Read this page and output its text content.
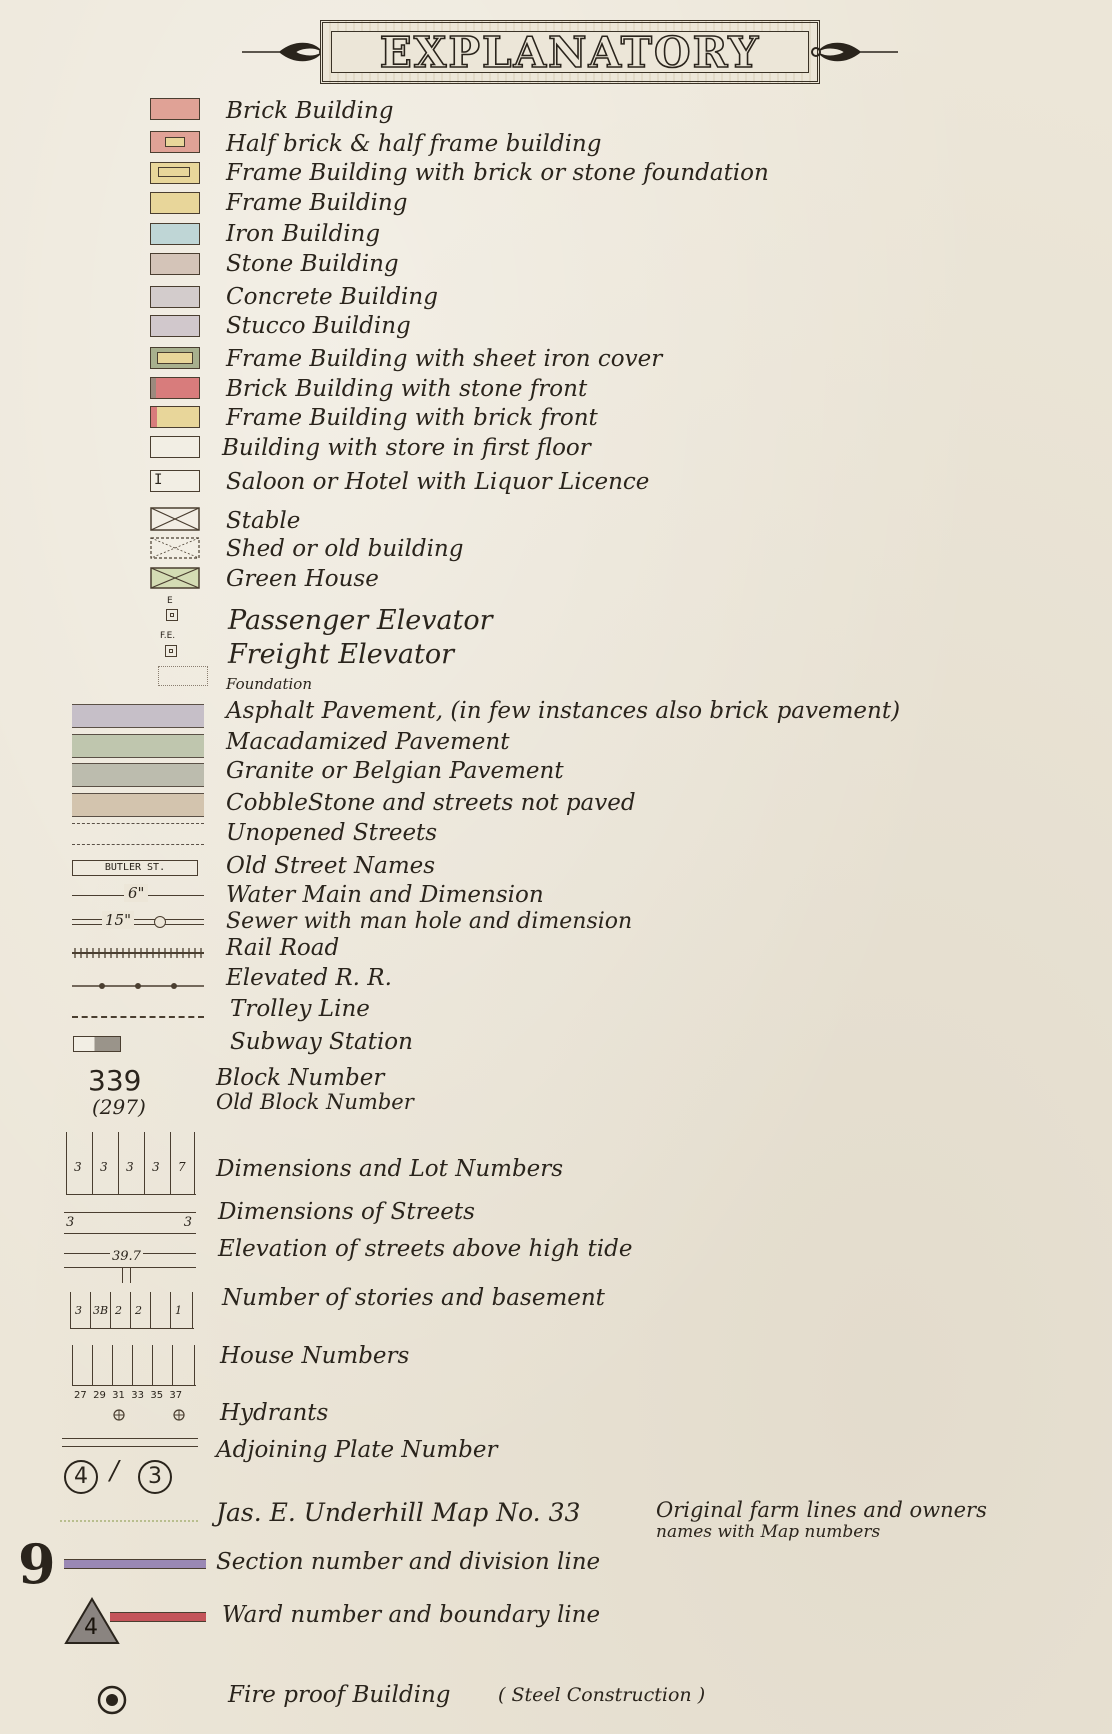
EXPLANATORY
Brick Building
Half brick & half frame building
Frame Building with brick or stone foundation
Frame Building
Iron Building
Stone Building
Concrete Building
Stucco Building
Frame Building with sheet iron cover
Brick Building with stone front
Frame Building with brick front
Building with store in first floor
I	Saloon or Hotel with Liquor Licence
Stable
Shed or old building
Green House
E
Passenger Elevator
F.E.
Freight Elevator
Foundation
Asphalt Pavement, (in few instances also brick pavement)
Macadamized Pavement
Granite or Belgian Pavement
CobbleStone and streets not paved
Unopened Streets
BUTLER ST.	Old Street Names
6"	Water Main and Dimension
15"	Sewer with man hole and dimension
Rail Road
Elevated R. R.
Trolley Line
Subway Station
339	Block Number
(297)	Old Block Number
3 3 3 3 7 Dimensions and Lot Numbers
3	3 Dimensions of Streets
39.7	Elevation of streets above high tide
3 3B 2 2	1 Number of stories and basement
27  29  31  33  35  37
House Numbers
Hydrants
4 /	3
Adjoining Plate Number
Jas. E. Underhill Map No. 33	Original farm lines and owners
names with Map numbers
9	Section number and division line
4	Ward number and boundary line
Fire proof Building ( Steel Construction )
